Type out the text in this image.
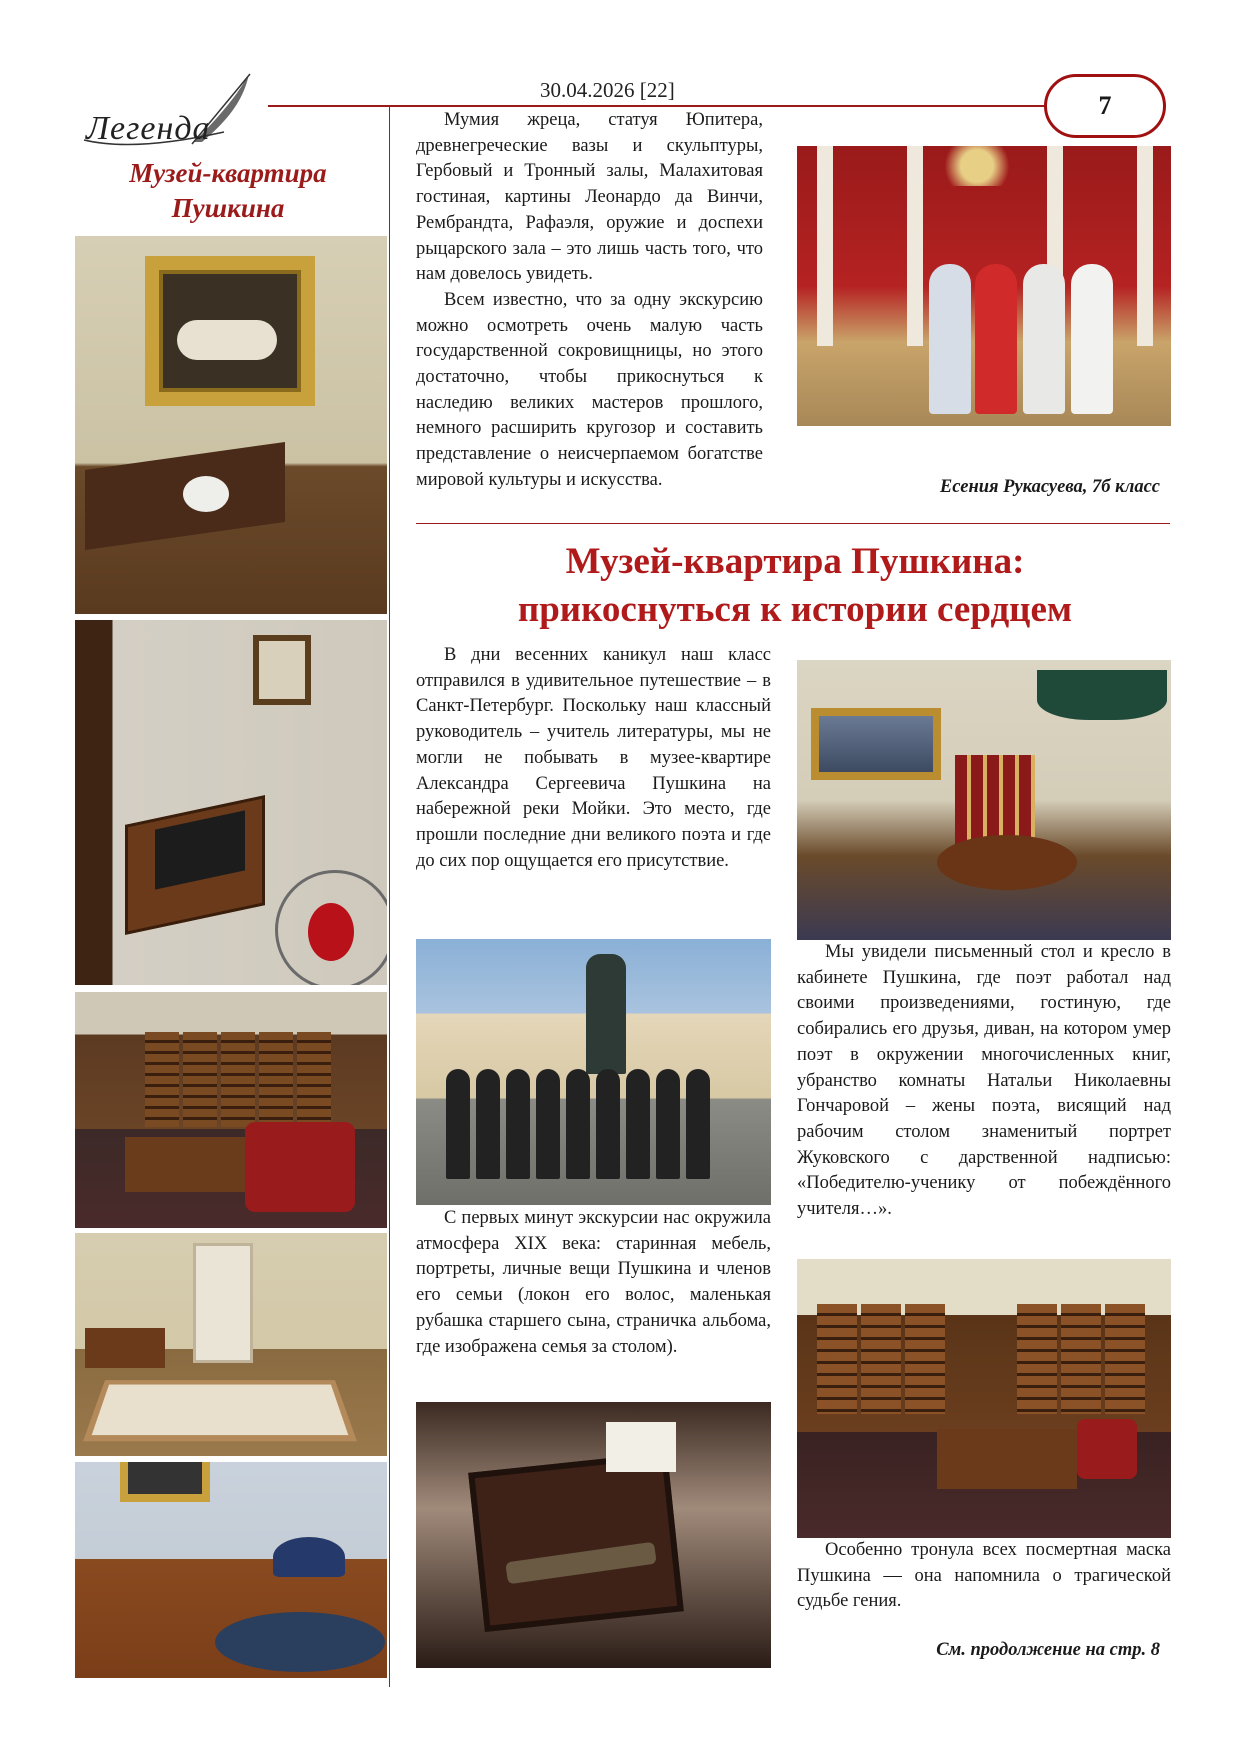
Легенда
30.04.2026 [22]
7
Музей-квартира
Пушкина

Мумия жреца, статуя Юпитера, древнегреческие вазы и скульптуры, Гербовый и Тронный залы, Малахитовая гостиная, картины Леонардо да Винчи, Рембрандта, Рафаэля, оружие и доспехи рыцарского зала – это лишь часть того, что нам довелось увидеть.

Всем известно, что за одну экскурсию можно осмотреть очень малую часть государственной сокровищницы, но этого достаточно, чтобы прикоснуться к наследию великих мастеров прошлого, немного расширить кругозор и составить представление о неисчерпаемом богатстве мировой культуры и искусства.	Есения Рукасуева, 7б класс
Музей-квартира Пушкина:
прикоснуться к истории сердцем

В дни весенних каникул наш класс отправился в удивительное путешествие – в Санкт-Петербург. Поскольку наш классный руководитель – учитель литературы, мы не могли не побывать в музее-квартире Александра Сергеевича Пушкина на набережной реки Мойки. Это место, где прошли последние дни великого поэта и где до сих пор ощущается его присутствие.

Мы увидели письменный стол и кресло в кабинете Пушкина, где поэт работал над своими произведениями, гостиную, где собирались его друзья, диван, на котором умер поэт в окружении многочисленных книг, убранство комнаты Натальи Николаевны Гончаровой – жены поэта, висящий над рабочим столом знаменитый портрет Жуковского с дарственной надписью: «Победителю-ученику от побеждённого учителя…».

С первых минут экскурсии нас окружила атмосфера XIX века: старинная мебель, портреты, личные вещи Пушкина и членов его семьи (локон его волос, маленькая рубашка старшего сына, страничка альбома, где изображена семья за столом).

Особенно тронула всех посмертная маска Пушкина — она напомнила о трагической судьбе гения.

См. продолжение на стр. 8
